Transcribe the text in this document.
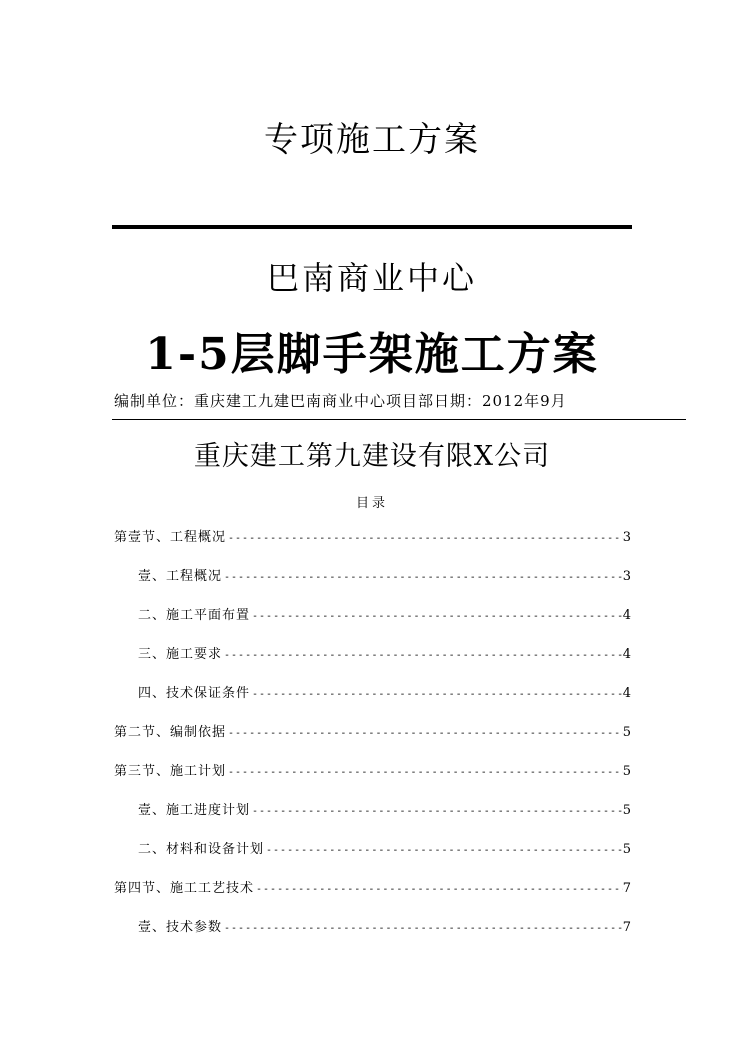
专项施工方案
巴南商业中心
1-5层脚手架施工方案
编制单位：重庆建工九建巴南商业中心项目部日期：2012年9月
重庆建工第九建设有限X公司
目录
第壹节、工程概况 -----	3
壹、工程概况 -----	3
二、施工平面布置 -----	4
三、施工要求 -----	4
四、技术保证条件 -----	4
第二节、编制依据 -----	5
第三节、施工计划 -----	5
壹、施工进度计划 -----	5
二、材料和设备计划 -----	5
第四节、施工工艺技术 -----	7
壹、技术参数 -----	7
